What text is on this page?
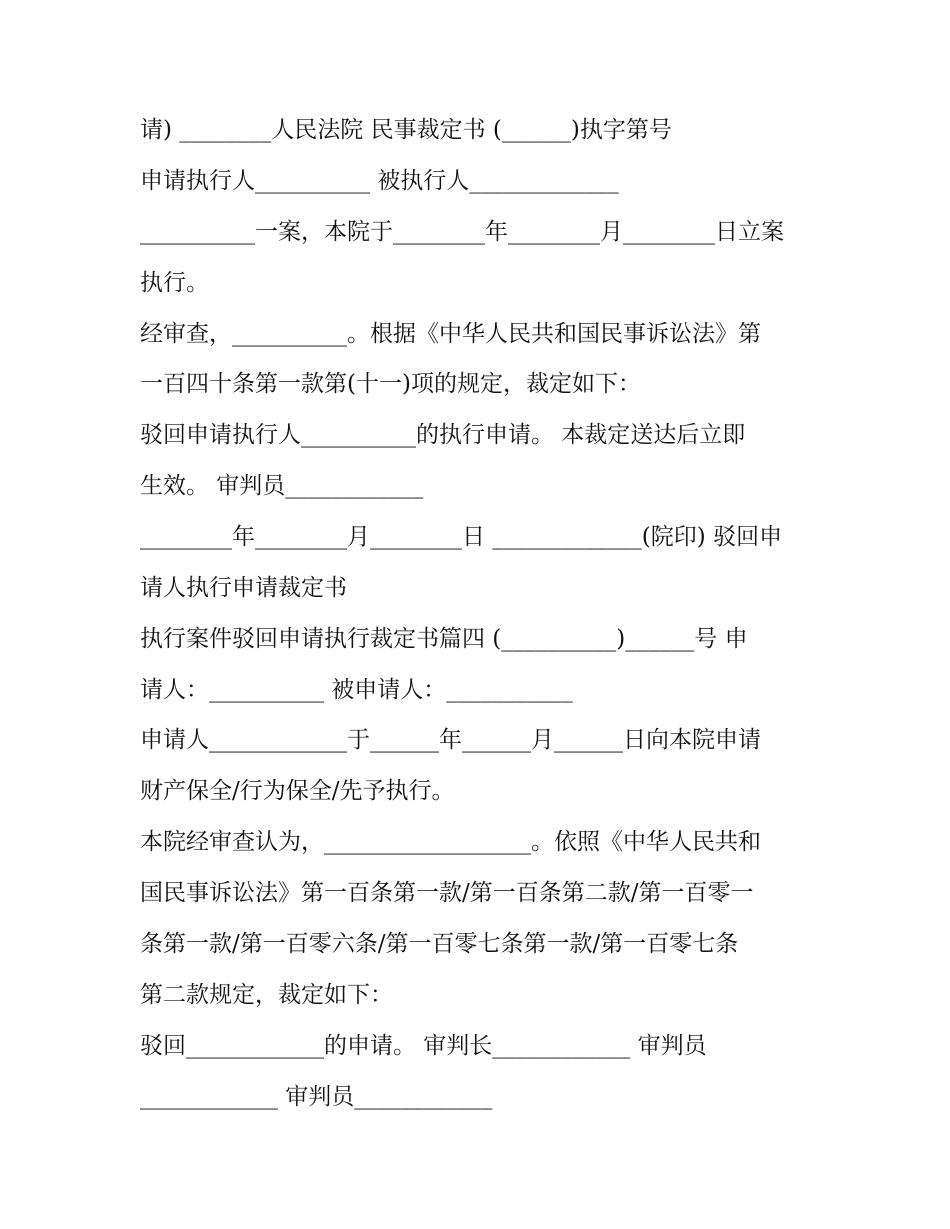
请) ________人民法院 民事裁定书 (______)执字第号
申请执行人__________ 被执行人_____________
__________一案，本院于________年________月________日立案
执行。
经审查，__________。根据《中华人民共和国民事诉讼法》第
一百四十条第一款第(十一)项的规定，裁定如下：
驳回申请执行人__________的执行申请。 本裁定送达后立即
生效。 审判员____________
________年________月________日 _____________(院印) 驳回申
请人执行申请裁定书
执行案件驳回申请执行裁定书篇四 (__________)______号 申
请人：__________ 被申请人：___________
申请人____________于______年______月______日向本院申请
财产保全/行为保全/先予执行。
本院经审查认为，__________________。依照《中华人民共和
国民事诉讼法》第一百条第一款/第一百条第二款/第一百零一
条第一款/第一百零六条/第一百零七条第一款/第一百零七条
第二款规定，裁定如下：
驳回____________的申请。 审判长____________ 审判员
____________ 审判员____________
